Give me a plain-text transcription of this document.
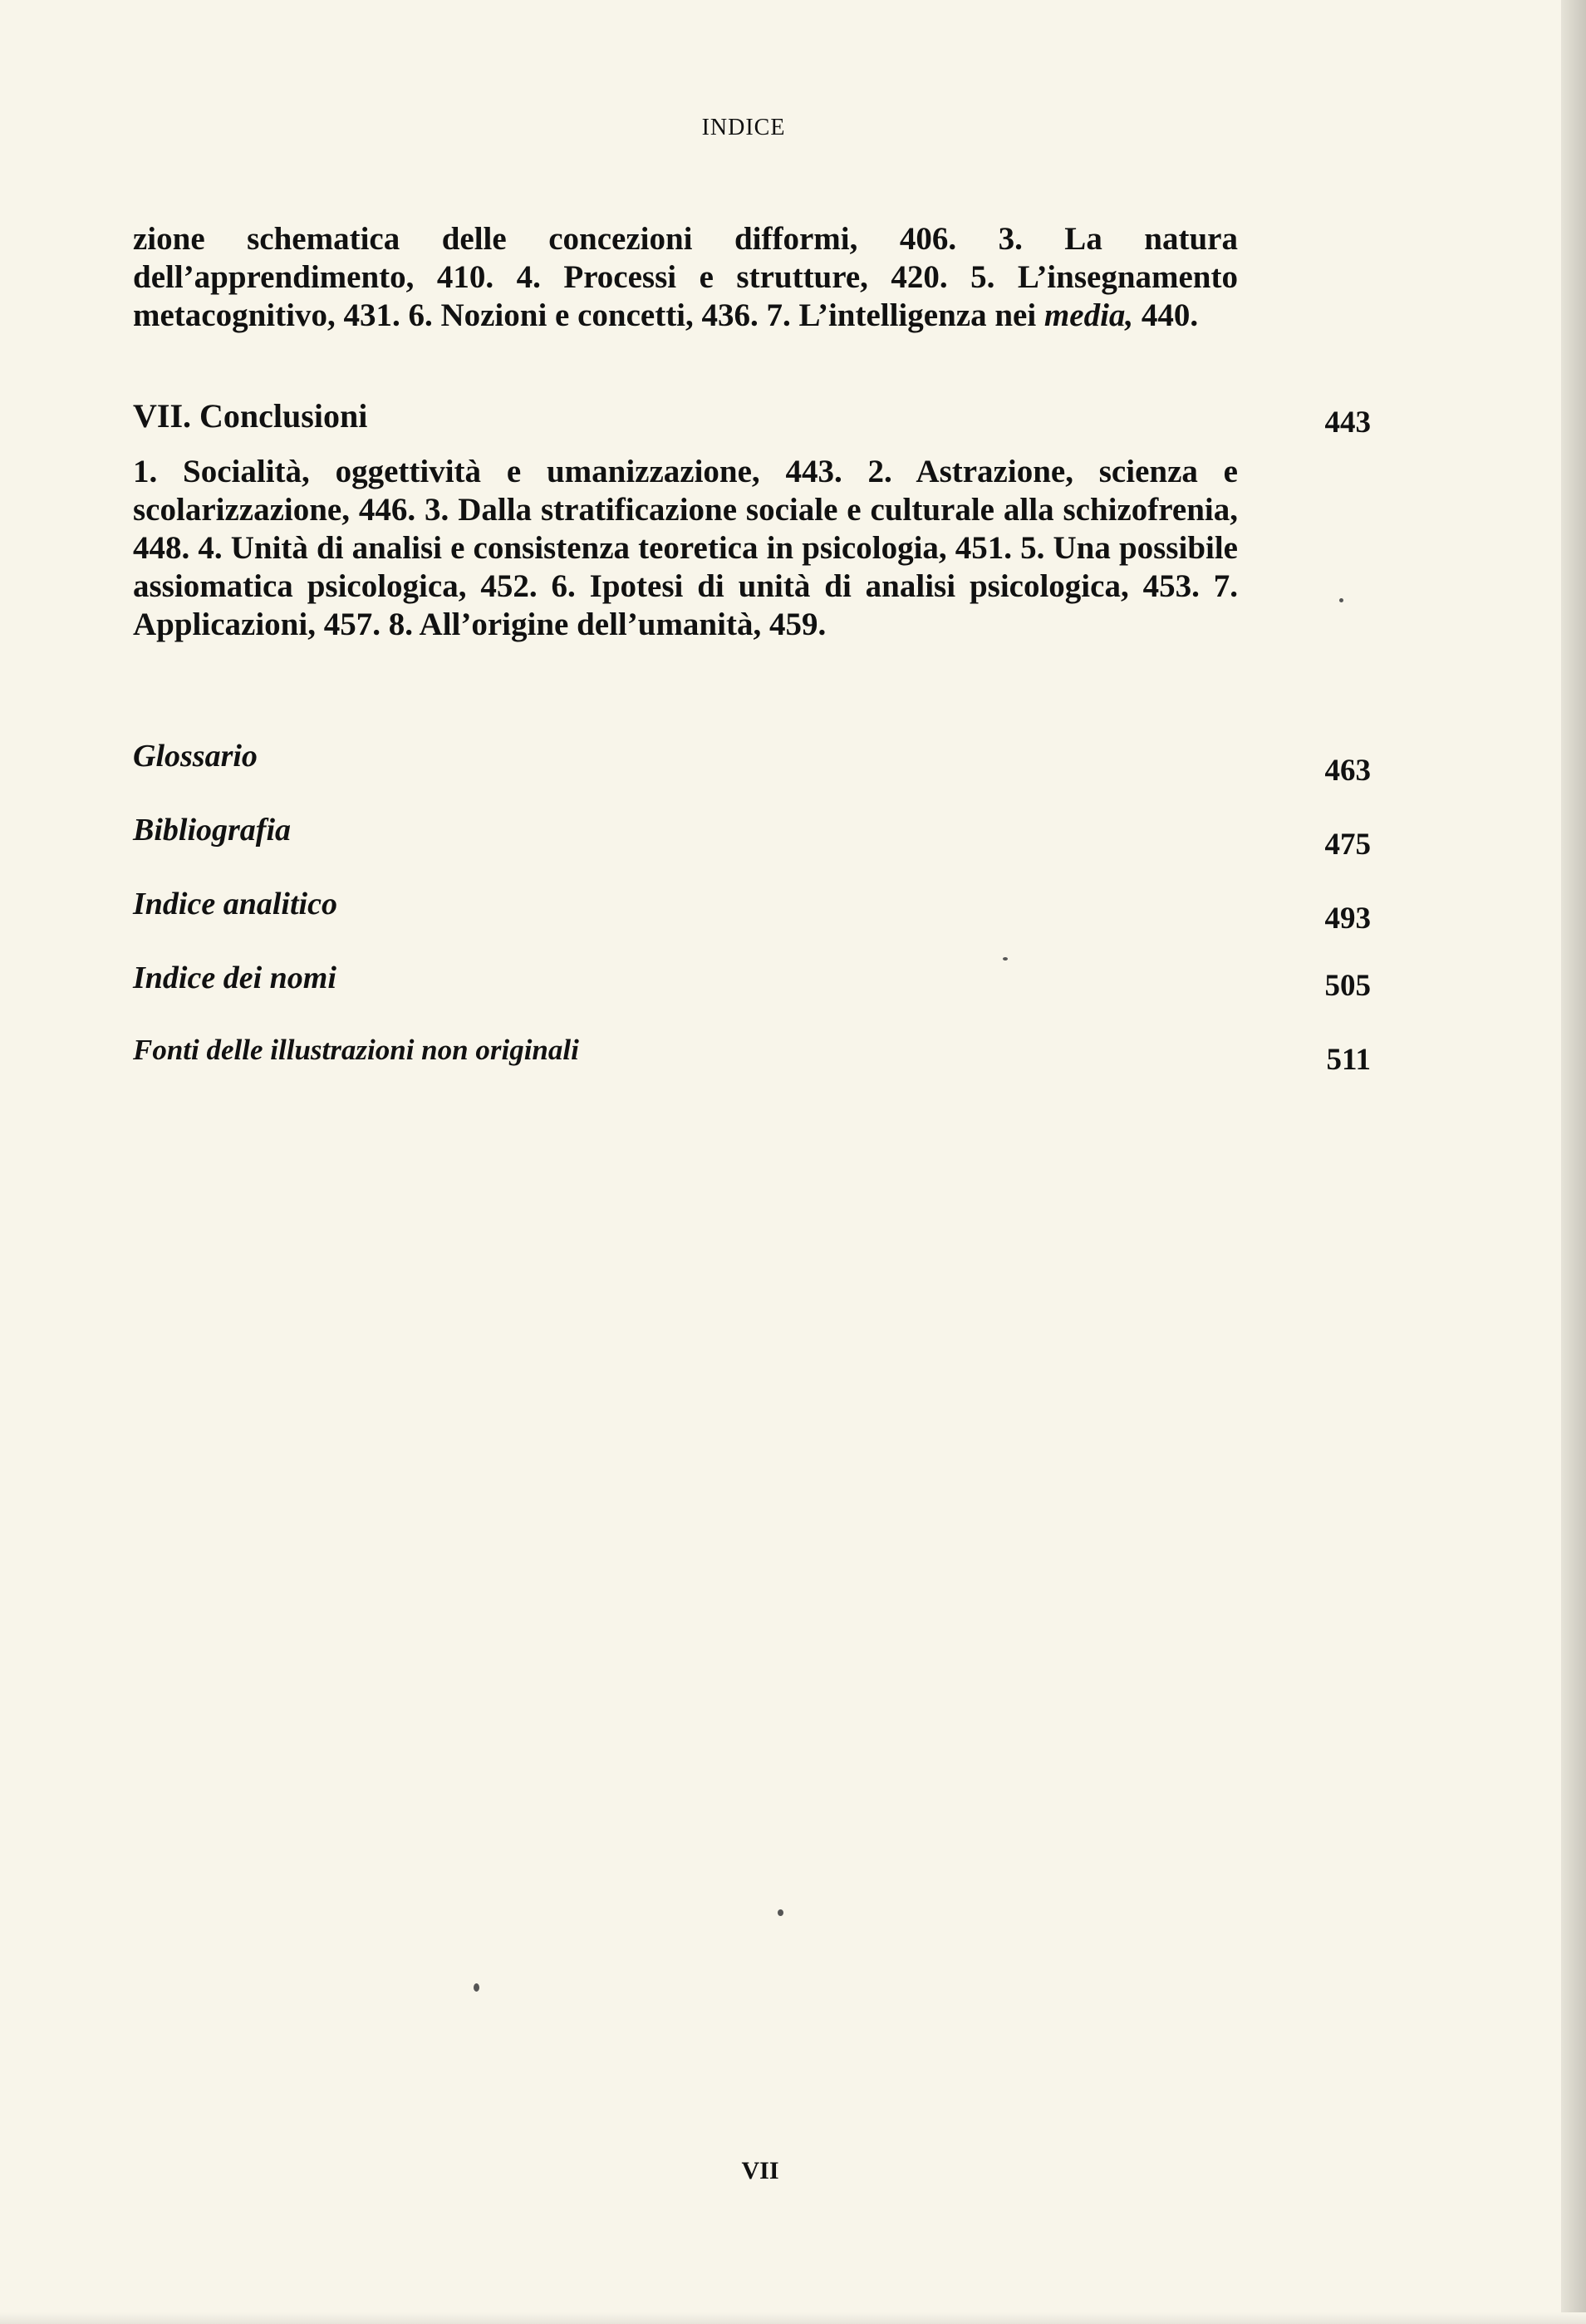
INDICE
zione schematica delle concezioni difformi, 406. 3. La natura dell’apprendimento, 410. 4. Processi e strutture, 420. 5. L’insegnamento metacognitivo, 431. 6. Nozioni e concetti, 436. 7. L’intelligenza nei media, 440.
VII. Conclusioni	443
1. Socialità, oggettività e umanizzazione, 443. 2. Astrazione, scienza e scolarizzazione, 446. 3. Dalla stratificazione sociale e culturale alla schizofrenia, 448. 4. Unità di analisi e consistenza teoretica in psicologia, 451. 5. Una possibile assiomatica psicologica, 452. 6. Ipotesi di unità di analisi psicologica, 453. 7. Applicazioni, 457. 8. All’origine dell’umanità, 459.
Glossario	463
Bibliografia	475
Indice analitico	493
Indice dei nomi	505
Fonti delle illustrazioni non originali	511
VII
